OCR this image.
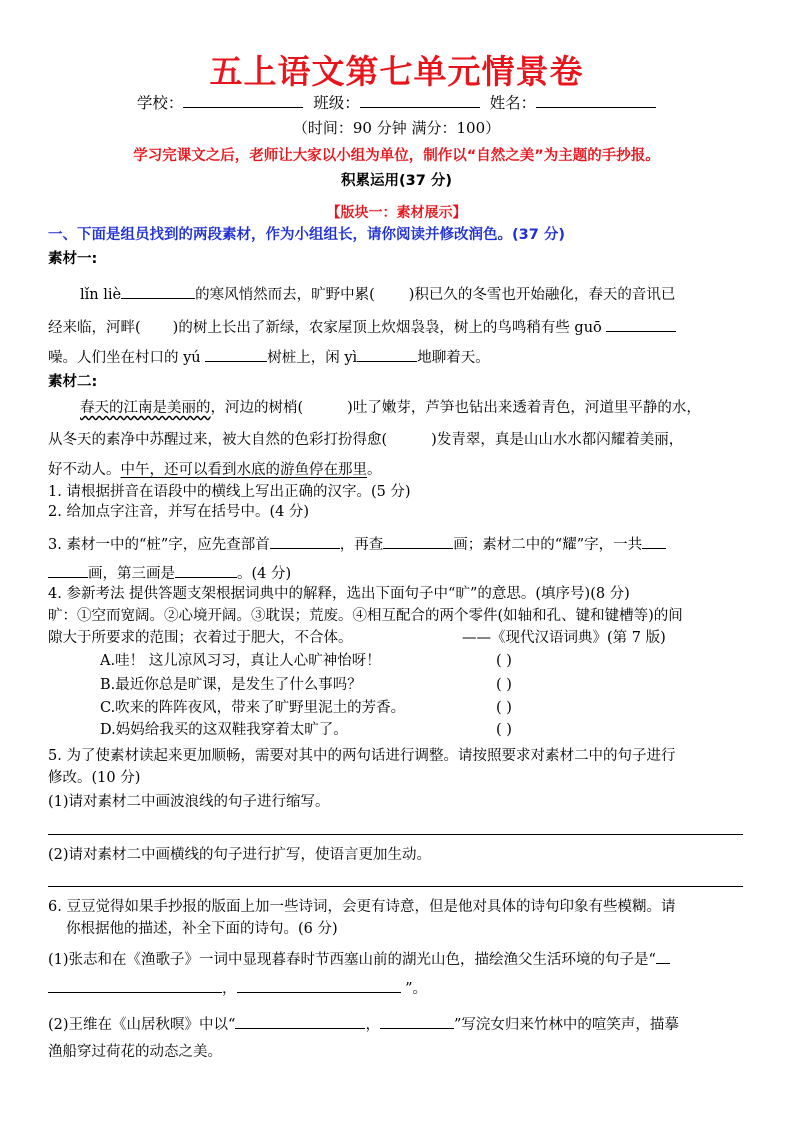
五上语文第七单元情景卷
学校：	班级：	姓名：
（时间：90 分钟 满分：100）
学习完课文之后，老师让大家以小组为单位，制作以“自然之美”为主题的手抄报。
积累运用(37 分)
【版块一：素材展示】
一、下面是组员找到的两段素材，作为小组组长，请你阅读并修改润色。(37 分)
素材一:
lǐn liè	的寒风悄然而去，旷野中累( )积已久的冬雪也开始融化，春天的音讯已
经来临，河畔( )的树上长出了新绿，农家屋顶上炊烟袅袅，树上的鸟鸣稍有些 guō
噪。人们坐在村口的 yú	树桩上，闲 yì	地聊着天。
素材二:
春天的江南是美丽的，河边的树梢(	)吐了嫩芽，芦笋也钻出来透着青色，河道里平静的水，
从冬天的素净中苏醒过来，被大自然的色彩打扮得愈(	)发青翠，真是山山水水都闪耀着美丽，
好不动人。中午，还可以看到水底的游鱼停在那里。
1. 请根据拼音在语段中的横线上写出正确的汉字。(5 分)
2. 给加点字注音，并写在括号中。(4 分)
3. 素材一中的“桩”字，应先查部首	，再查	画；素材二中的“耀”字，一共
画，第三画是	。(4 分)
4. 参新考法 提供答题支架根据词典中的解释，选出下面句子中“旷”的意思。(填序号)(8 分)
旷：①空而宽阔。②心境开阔。③耽误；荒废。④相互配合的两个零件(如轴和孔、键和键槽等)的间
隙大于所要求的范围；衣着过于肥大，不合体。	——《现代汉语词典》(第 7 版)
A.哇！ 这儿凉风习习，真让人心旷神怡呀！	( )
B.最近你总是旷课，是发生了什么事吗？	( )
C.吹来的阵阵夜风，带来了旷野里泥土的芳香。	( )
D.妈妈给我买的这双鞋我穿着太旷了。	( )
5. 为了使素材读起来更加顺畅，需要对其中的两句话进行调整。请按照要求对素材二中的句子进行
修改。(10 分)
(1)请对素材二中画波浪线的句子进行缩写。
(2)请对素材二中画横线的句子进行扩写，使语言更加生动。
6. 豆豆觉得如果手抄报的版面上加一些诗词，会更有诗意，但是他对具体的诗句印象有些模糊。请
你根据他的描述，补全下面的诗句。(6 分)
(1)张志和在《渔歌子》一词中显现暮春时节西塞山前的湖光山色，描绘渔父生活环境的句子是“
，	”。
(2)王维在《山居秋暝》中以“	，	”写浣女归来竹林中的喧笑声，描摹
渔船穿过荷花的动态之美。
